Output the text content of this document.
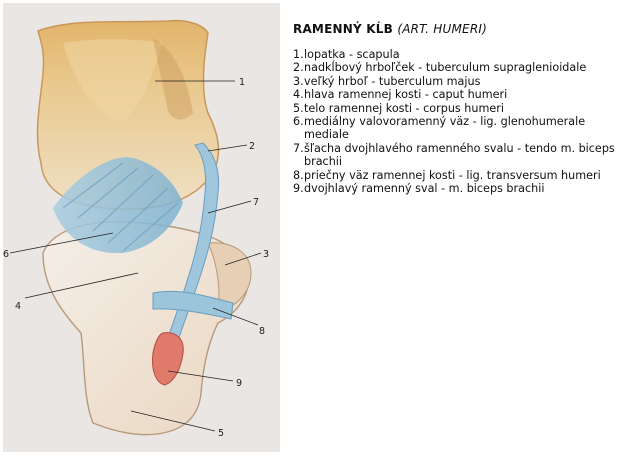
1
2
3
4
5
6
7
8
9
RAMENNÝ KĹB (ART. HUMERI)
1. lopatka - scapula
2. nadkĺbový hrboľček - tuberculum supraglenioidale
3. veľký hrboľ - tuberculum majus
4. hlava ramennej kosti - caput humeri
5. telo ramennej kosti - corpus humeri
6. mediálny valovoramenný väz - lig. glenohumerale mediale
7. šľacha dvojhlavého ramenného svalu - tendo m. biceps brachii
8. priečny väz ramennej kosti - lig. transversum humeri
9. dvojhlavý ramenný sval - m. biceps brachii
